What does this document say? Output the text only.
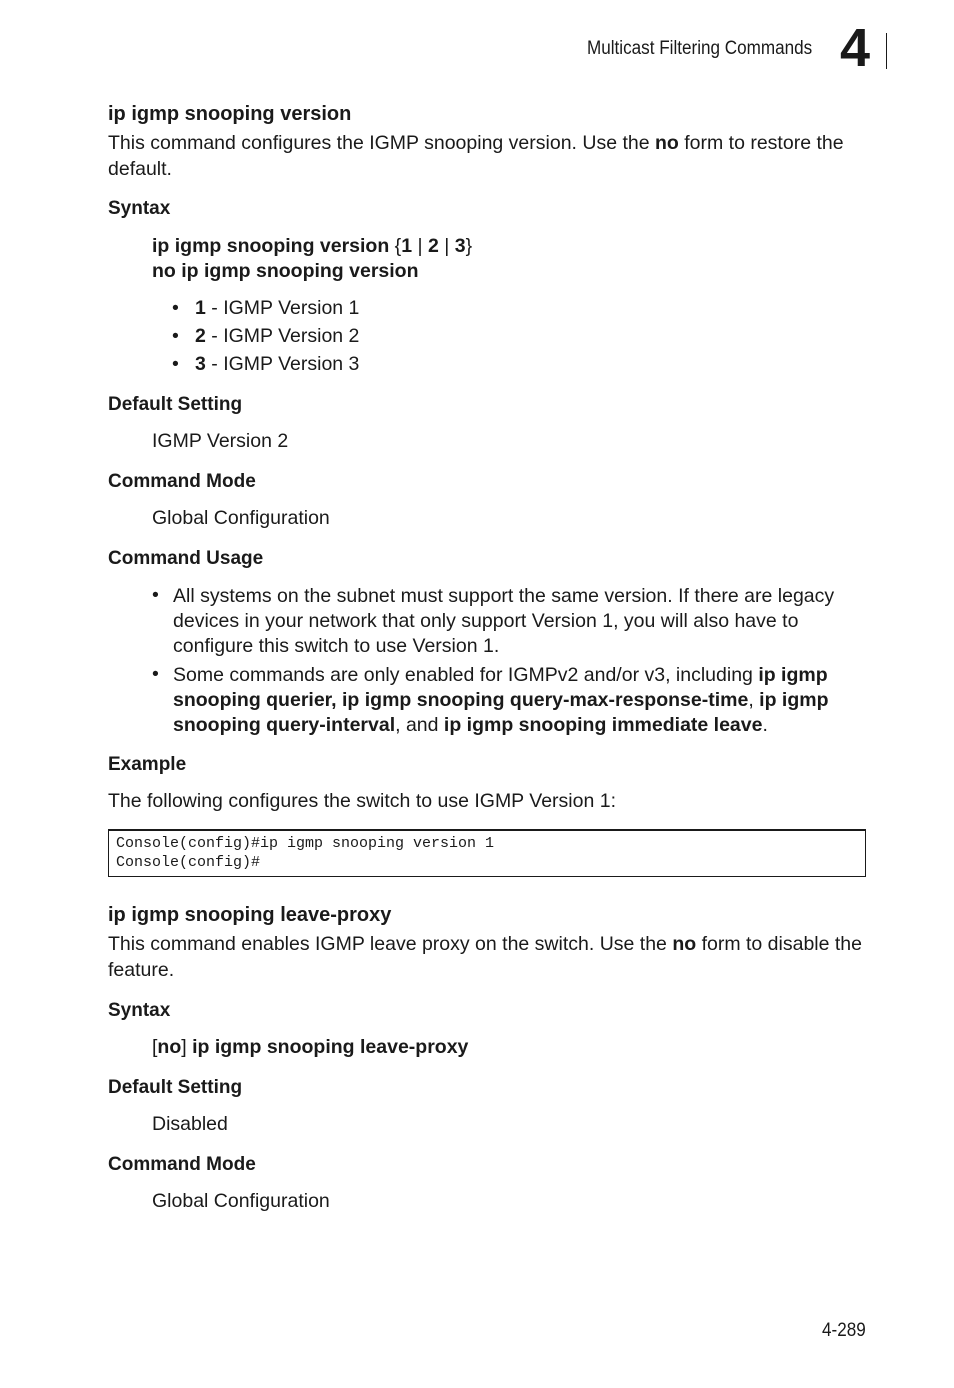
Multicast Filtering Commands 4
ip igmp snooping version
This command configures the IGMP snooping version. Use the no form to restore the default.
Syntax
ip igmp snooping version {1 | 2 | 3}
no ip igmp snooping version
• 1 - IGMP Version 1
• 2 - IGMP Version 2
• 3 - IGMP Version 3
Default Setting
IGMP Version 2
Command Mode
Global Configuration
Command Usage
• All systems on the subnet must support the same version. If there are legacy devices in your network that only support Version 1, you will also have to configure this switch to use Version 1.
• Some commands are only enabled for IGMPv2 and/or v3, including ip igmp snooping querier, ip igmp snooping query-max-response-time, ip igmp snooping query-interval, and ip igmp snooping immediate leave.
Example
The following configures the switch to use IGMP Version 1:
Console(config)#ip igmp snooping version 1
Console(config)#
ip igmp snooping leave-proxy
This command enables IGMP leave proxy on the switch. Use the no form to disable the feature.
Syntax
[no] ip igmp snooping leave-proxy
Default Setting
Disabled
Command Mode
Global Configuration
4-289
